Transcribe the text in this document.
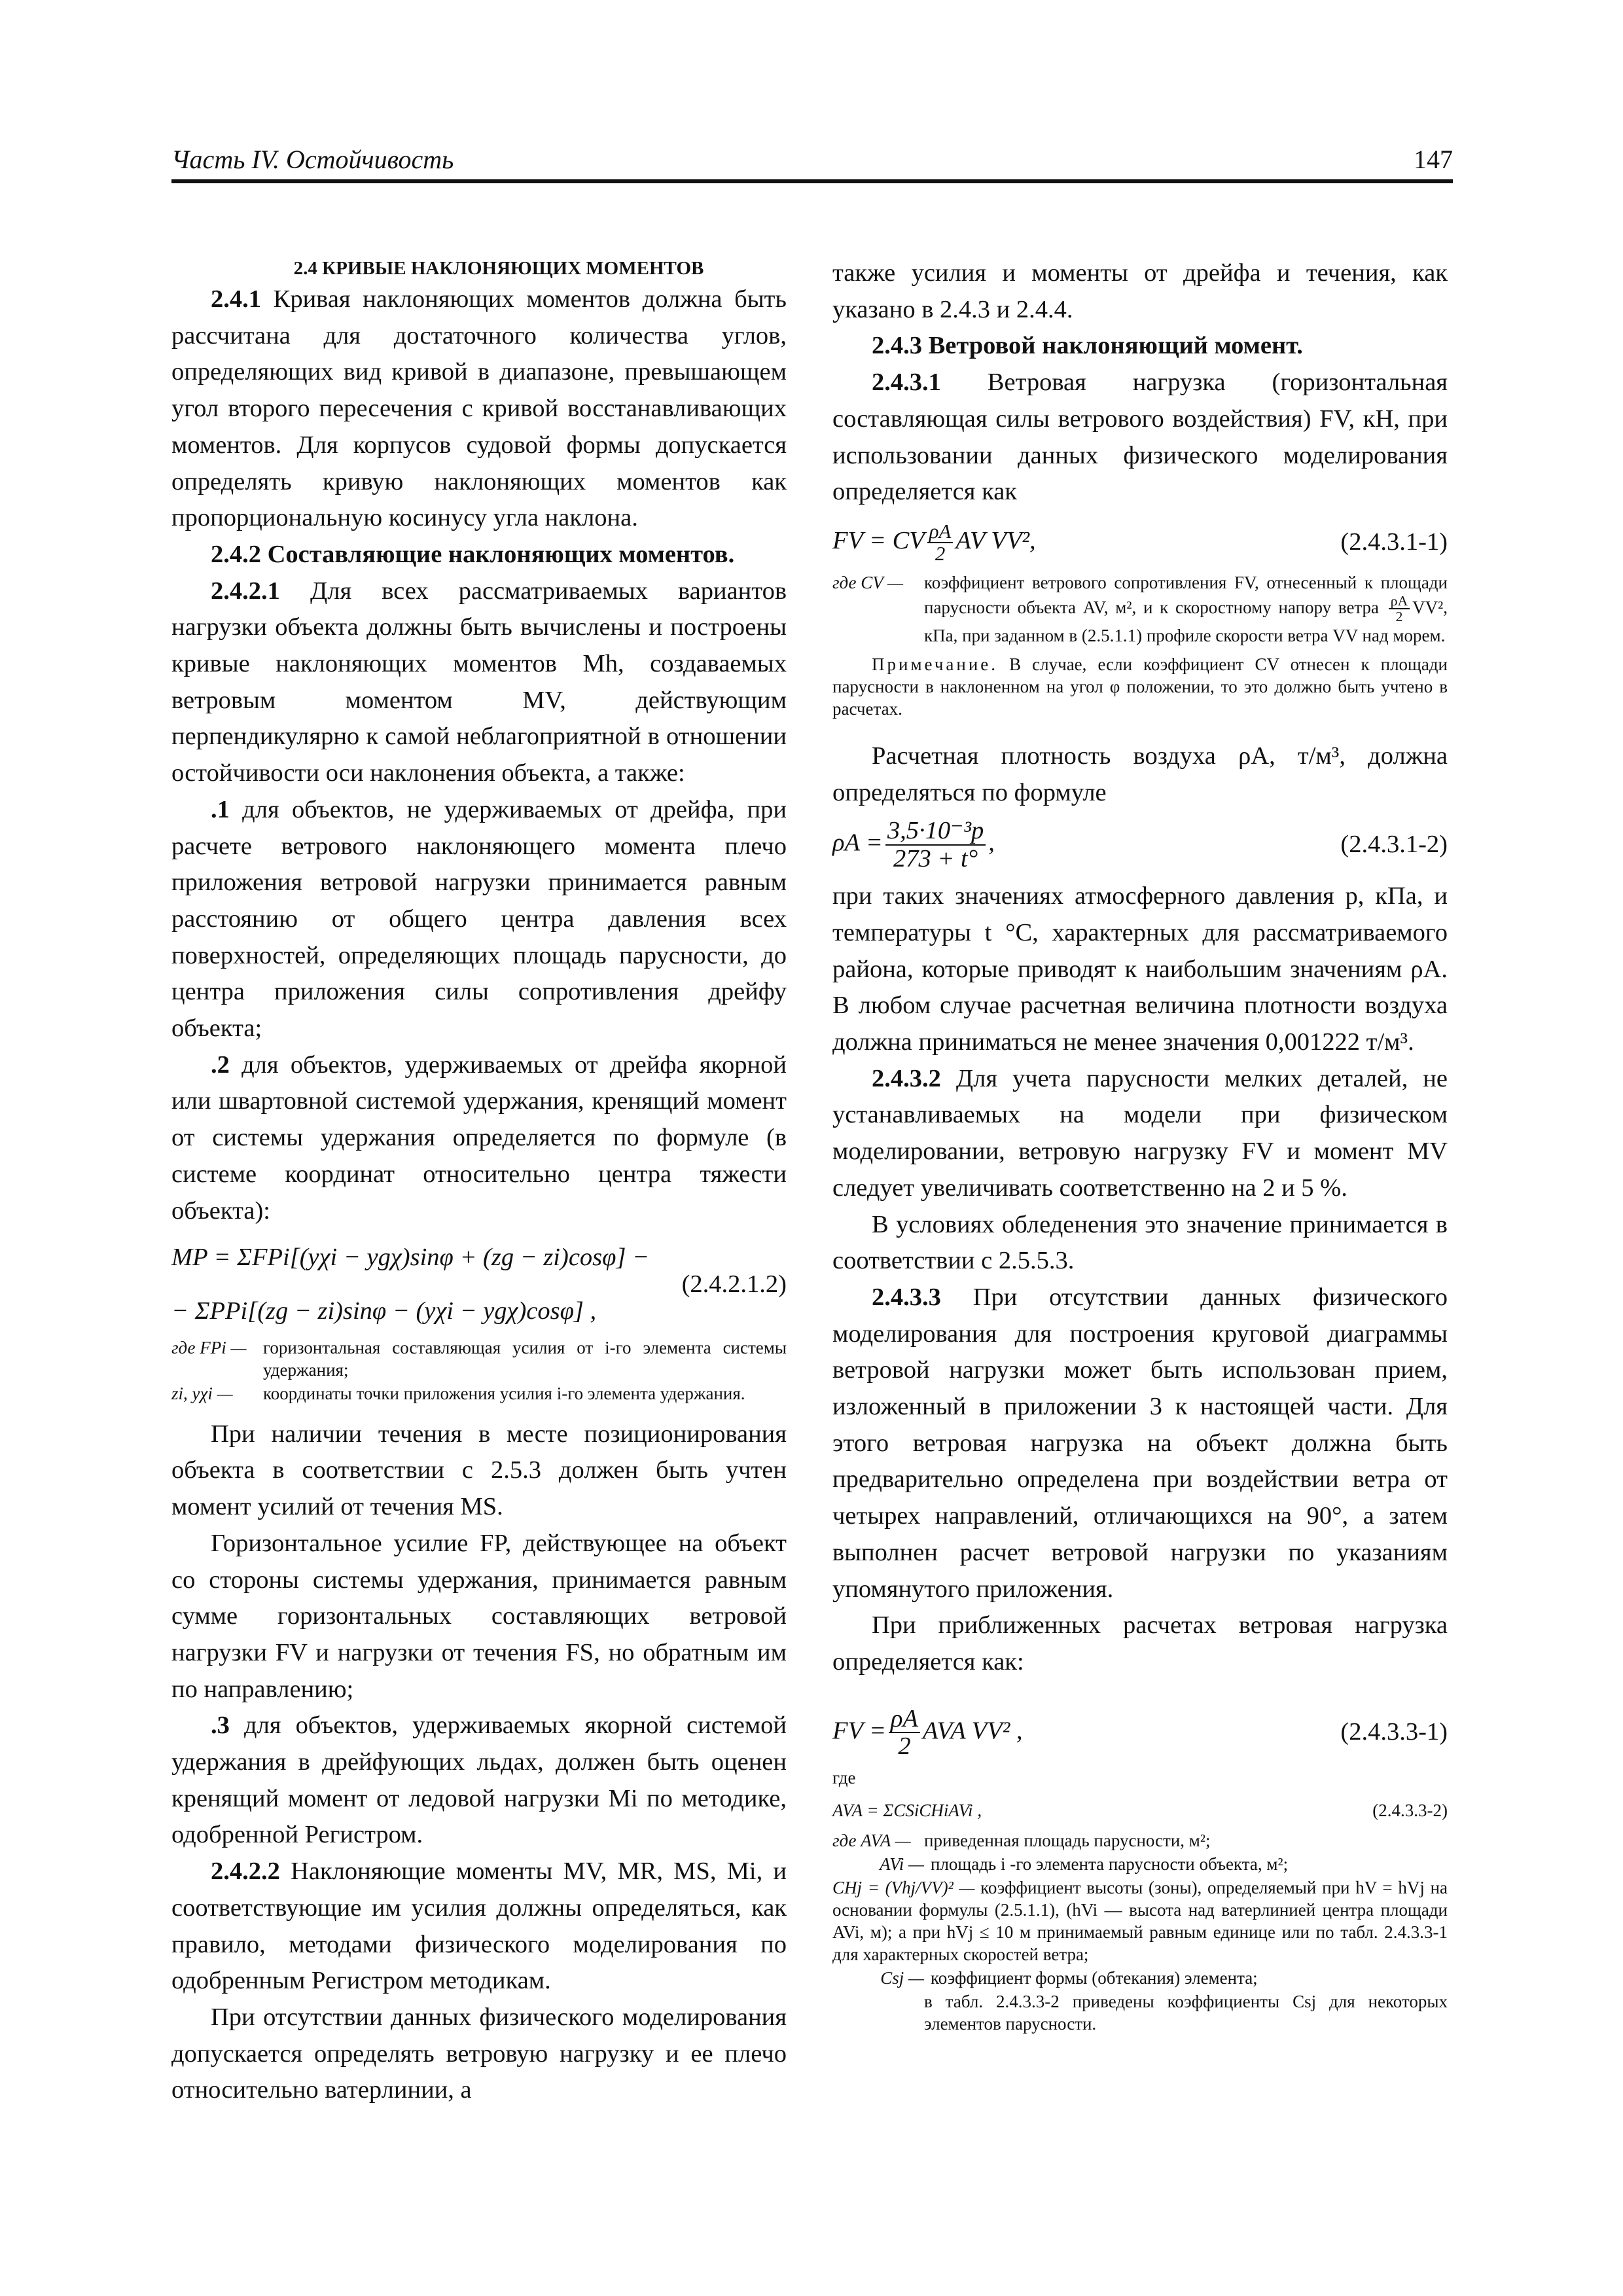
Часть IV. Остойчивость	147

2.4 КРИВЫЕ НАКЛОНЯЮЩИХ МОМЕНТОВ

2.4.1 Кривая наклоняющих моментов должна быть рассчитана для достаточного количества углов, определяющих вид кривой в диапазоне, превышающем угол второго пересечения с кривой восстанавливающих моментов. Для корпусов судовой формы допускается определять кривую наклоняющих моментов как пропорциональную косинусу угла наклона.

2.4.2 Составляющие наклоняющих моментов.

2.4.2.1 Для всех рассматриваемых вариантов нагрузки объекта должны быть вычислены и построены кривые наклоняющих моментов Mh, создаваемых ветровым моментом MV, действующим перпендикулярно к самой неблагоприятной в отношении остойчивости оси наклонения объекта, а также:

.1 для объектов, не удерживаемых от дрейфа, при расчете ветрового наклоняющего момента плечо приложения ветровой нагрузки принимается равным расстоянию от общего центра давления всех поверхностей, определяющих площадь парусности, до центра приложения силы сопротивления дрейфу объекта;

.2 для объектов, удерживаемых от дрейфа якорной или швартовной системой удержания, кренящий момент от системы удержания определяется по формуле (в системе координат относительно центра тяжести объекта):

MP = ΣFPi[(yχi − ygχ)sinφ + (zg − zi)cosφ] −
− ΣPPi[(zg − zi)sinφ − (yχi − ygχ)cosφ] ,
(2.4.2.1.2)
где FPi — горизонтальная составляющая усилия от i-го элемента системы удержания;
zi, yχi —	координаты точки приложения усилия i-го элемента удержания.

При наличии течения в месте позиционирования объекта в соответствии с 2.5.3 должен быть учтен момент усилий от течения MS.

Горизонтальное усилие FP, действующее на объект со стороны системы удержания, принимается равным сумме горизонтальных составляющих ветровой нагрузки FV и нагрузки от течения FS, но обратным им по направлению;

.3 для объектов, удерживаемых якорной системой удержания в дрейфующих льдах, должен быть оценен кренящий момент от ледовой нагрузки Mi по методике, одобренной Регистром.

2.4.2.2 Наклоняющие моменты MV, MR, MS, Mi, и соответствующие им усилия должны определяться, как правило, методами физического моделирования по одобренным Регистром методикам.

При отсутствии данных физического моделирования допускается определять ветровую нагрузку и ее плечо относительно ватерлинии, а

также усилия и моменты от дрейфа и течения, как указано в 2.4.3 и 2.4.4.

2.4.3 Ветровой наклоняющий момент.

2.4.3.1 Ветровая нагрузка (горизонтальная составляющая силы ветрового воздействия) FV, кН, при использовании данных физического моделирования определяется как

FV = CV $\frac{\rho A}{2}$ AV VV²,	(2.4.3.1-1)
где CV —	коэффициент ветрового сопротивления FV, отнесенный к площади парусности объекта AV, м², и к скоростному напору ветра $\frac{\rho A}{2} VV^2$, кПа, при заданном в (2.5.1.1) профиле скорости ветра VV над морем.
Примечание. В случае, если коэффициент CV отнесен к площади парусности в наклоненном на угол φ положении, то это должно быть учтено в расчетах.

Расчетная плотность воздуха ρA, т/м³, должна определяться по формуле

$\rho A = \frac{\text{3,5·10⁻³p}}{273 + t^\circ}$ ,	(2.4.3.1-2)

при таких значениях атмосферного давления p, кПа, и температуры t °C, характерных для рассматриваемого района, которые приводят к наибольшим значениям ρA. В любом случае расчетная величина плотности воздуха должна приниматься не менее значения 0,001222 т/м³.

2.4.3.2 Для учета парусности мелких деталей, не устанавливаемых на модели при физическом моделировании, ветровую нагрузку FV и момент MV следует увеличивать соответственно на 2 и 5 %.

В условиях обледенения это значение принимается в соответствии с 2.5.5.3.

2.4.3.3 При отсутствии данных физического моделирования для построения круговой диаграммы ветровой нагрузки может быть использован прием, изложенный в приложении 3 к настоящей части. Для этого ветровая нагрузка на объект должна быть предварительно определена при воздействии ветра от четырех направлений, отличающихся на 90°, а затем выполнен расчет ветровой нагрузки по указаниям упомянутого приложения.

При приближенных расчетах ветровая нагрузка определяется как:

FV = $\frac{\rho A}{2}$ AVA VV² ,	(2.4.3.3-1)
где
AVA = ΣCSiCHiAVi ,	(2.4.3.3-2)
где AVA — приведенная площадь парусности, м²;
AVi — площадь i -го элемента парусности объекта, м²;
CHj = (Vhj/VV)² — коэффициент высоты (зоны), определяемый при hV = hVj на основании формулы (2.5.1.1), (hVi — высота над ватерлинией центра площади AVi, м); а при hVj ≤ 10 м принимаемый равным единице или по табл. 2.4.3.3-1 для характерных скоростей ветра;
Csj — коэффициент формы (обтекания) элемента;
в табл. 2.4.3.3-2 приведены коэффициенты Csj для некоторых элементов парусности.
